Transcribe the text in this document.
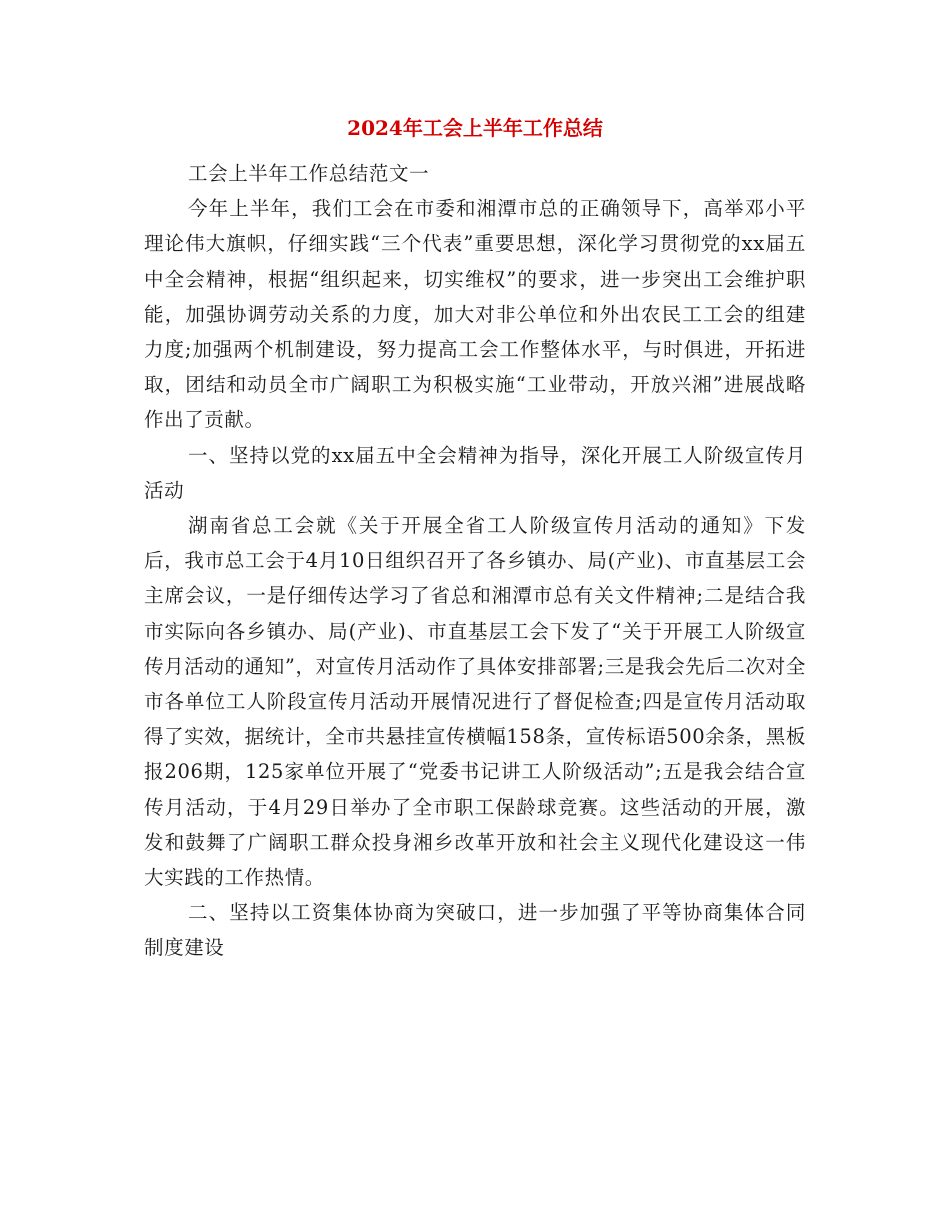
2024年工会上半年工作总结

工会上半年工作总结范文一

今年上半年，我们工会在市委和湘潭市总的正确领导下，高举邓小平理论伟大旗帜，仔细实践“三个代表”重要思想，深化学习贯彻党的xx届五中全会精神，根据“组织起来，切实维权”的要求，进一步突出工会维护职能，加强协调劳动关系的力度，加大对非公单位和外出农民工工会的组建力度;加强两个机制建设，努力提高工会工作整体水平，与时俱进，开拓进取，团结和动员全市广阔职工为积极实施“工业带动，开放兴湘”进展战略作出了贡献。

一、坚持以党的xx届五中全会精神为指导，深化开展工人阶级宣传月活动

湖南省总工会就《关于开展全省工人阶级宣传月活动的通知》下发后，我市总工会于4月10日组织召开了各乡镇办、局(产业)、市直基层工会主席会议，一是仔细传达学习了省总和湘潭市总有关文件精神;二是结合我市实际向各乡镇办、局(产业)、市直基层工会下发了“关于开展工人阶级宣传月活动的通知”，对宣传月活动作了具体安排部署;三是我会先后二次对全市各单位工人阶段宣传月活动开展情况进行了督促检查;四是宣传月活动取得了实效，据统计，全市共悬挂宣传横幅158条，宣传标语500余条，黑板报206期，125家单位开展了“党委书记讲工人阶级活动”;五是我会结合宣传月活动，于4月29日举办了全市职工保龄球竞赛。这些活动的开展，激发和鼓舞了广阔职工群众投身湘乡改革开放和社会主义现代化建设这一伟大实践的工作热情。

二、坚持以工资集体协商为突破口，进一步加强了平等协商集体合同制度建设
